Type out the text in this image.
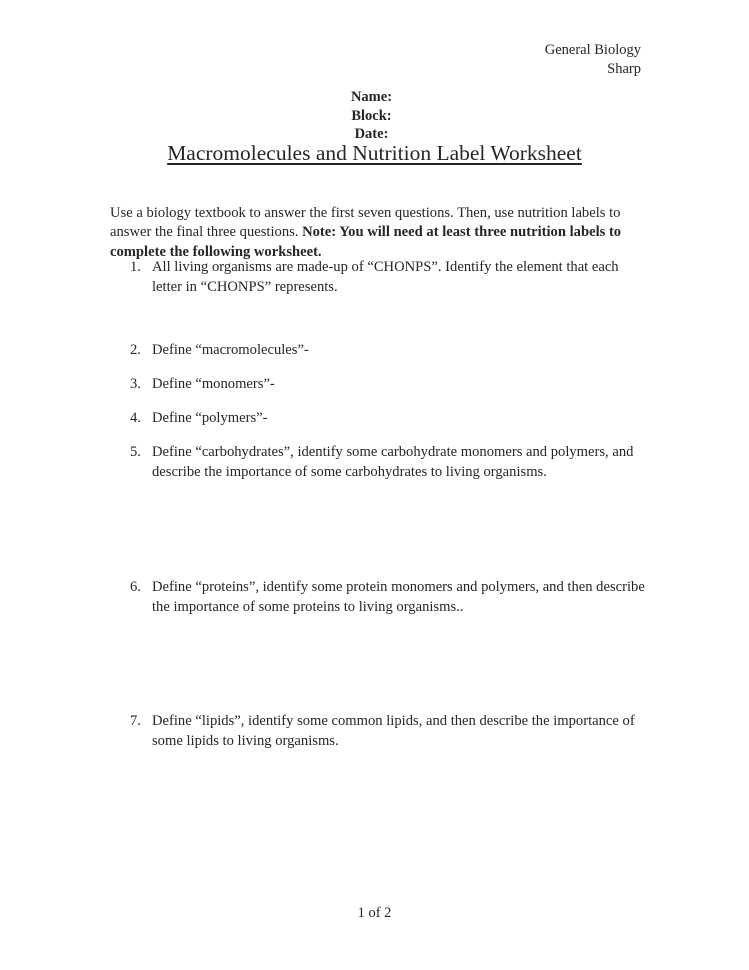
General Biology
Sharp
Name:
Block:
Date:
Macromolecules and Nutrition Label Worksheet

Use a biology textbook to answer the first seven questions. Then, use nutrition labels to answer the final three questions. Note: You will need at least three nutrition labels to complete the following worksheet.

1. All living organisms are made-up of “CHONPS”. Identify the element that each letter in “CHONPS” represents.
2. Define “macromolecules”-
3. Define “monomers”-
4. Define “polymers”-
5. Define “carbohydrates”, identify some carbohydrate monomers and polymers, and describe the importance of some carbohydrates to living organisms.
6. Define “proteins”, identify some protein monomers and polymers, and then describe the importance of some proteins to living organisms..
7. Define “lipids”, identify some common lipids, and then describe the importance of some lipids to living organisms.
1 of 2
